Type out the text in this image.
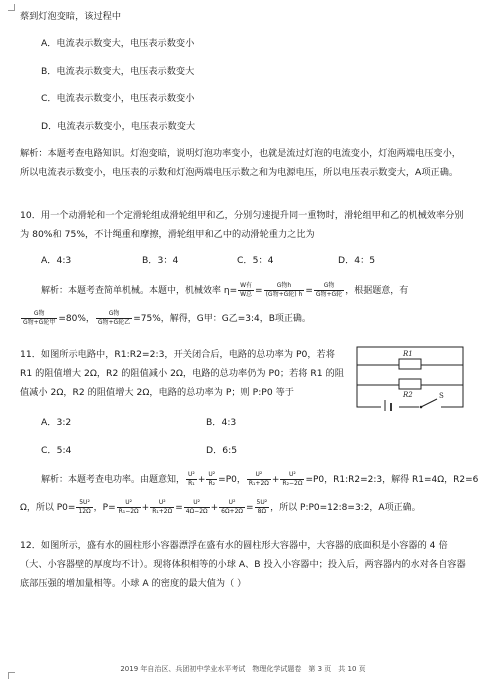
蔡到灯泡变暗，该过程中
A．电流表示数变大，电压表示数变小
B．电流表示数变大，电压表示数变大
C．电流表示数变小，电压表示数变小
D．电流表示数变小，电压表示数变大
解析：本题考查电路知识。灯泡变暗，说明灯泡功率变小，也就是流过灯泡的电流变小，灯泡两端电压变小，所以电流表示数变小，电压表的示数和灯泡两端电压示数之和为电源电压，所以电压表示数变大，A项正确。
10．用一个动滑轮和一个定滑轮组成滑轮组甲和乙，分别匀速提升同一重物时，滑轮组甲和乙的机械效率分别为 80%和 75%，不计绳重和摩擦，滑轮组甲和乙中的动滑轮重力之比为
A．4:3	B．3：4	C．5：4	D．4：5
解析：本题考查简单机械。本题中，机械效率 $\eta= \frac{\text{W有}}{\text{W总}} = \frac{\text{G物h}}{\text{(G物+G轮) h}} = \frac{\text{G物}}{\text{G物+G轮}}$ ，根据题意，有
$\frac{\text{G物}}{\text{G物+G轮甲}} =80\%$， $\frac{\text{G物}}{\text{G物+G轮乙}} =75\%$，解得，G甲：G乙=3:4，B项正确。
11．如图所示电路中，R1:R2=2:3，开关闭合后，电路的总功率为 P0，若将 R1 的阻值增大 2Ω，R2 的阻值减小 2Ω，电路的总功率仍为 P0；若将 R1 的阻值减小 2Ω，R2 的阻值增大 2Ω，电路的总功率为 P；则 P:P0 等于
R1
R2	S
A．3:2	B．4:3
C．5:4	D．6:5
解析：本题考查电功率。由题意知， $\frac{\text{U²}}{\text{R₁}} + \frac{\text{U²}}{\text{R₂}} =P0$， $\frac{\text{U²}}{\text{R₁+2Ω}} + \frac{\text{U²}}{\text{R₂−2Ω}} =P0$，R1:R2=2:3，解得 R1=4Ω，R2=6
Ω，所以 $P0= \frac{\text{5U²}}{12\Omega}$ ，$P= \frac{\text{U²}}{\text{R₁−2Ω}} + \frac{\text{U²}}{\text{R₁+2Ω}} = \frac{\text{U²}}{4\Omega-2\Omega} + \frac{\text{U²}}{6\Omega+2\Omega} = \frac{\text{5U²}}{8\Omega}$ ，所以 P:P0=12:8=3:2，A项正确。
12．如图所示，盛有水的圆柱形小容器漂浮在盛有水的圆柱形大容器中，大容器的底面积是小容器的 4 倍（大、小容器壁的厚度均不计）。现将体积相等的小球 A、B 投入小容器中；投入后，两容器内的水对各自容器底部压强的增加量相等。小球 A 的密度的最大值为（ ）
2019 年自治区、兵团初中学业水平考试　物理化学试题卷　第 3 页　共 10 页
